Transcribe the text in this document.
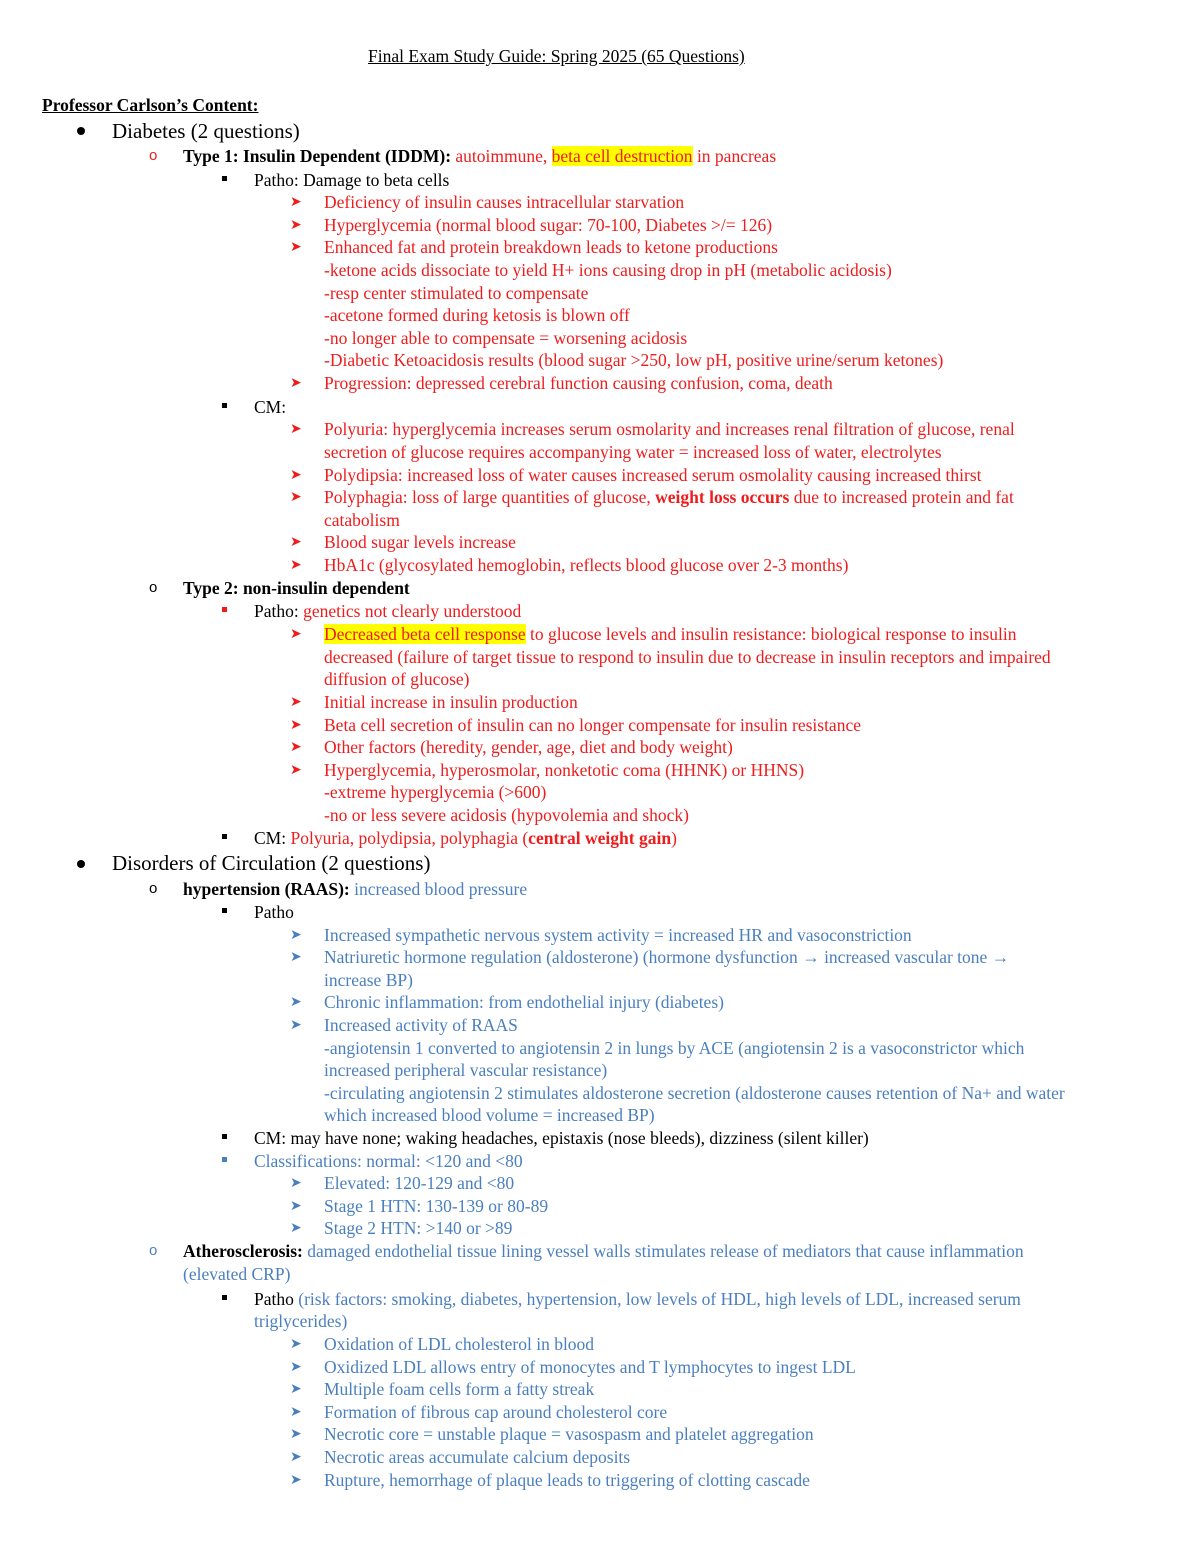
Final Exam Study Guide: Spring 2025 (65 Questions)
Professor Carlson’s Content:
Diabetes (2 questions)
o Type 1: Insulin Dependent (IDDM): autoimmune, beta cell destruction in pancreas
Patho: Damage to beta cells
➤ Deficiency of insulin causes intracellular starvation
➤ Hyperglycemia (normal blood sugar: 70-100, Diabetes >/= 126)
➤ Enhanced fat and protein breakdown leads to ketone productions
-ketone acids dissociate to yield H+ ions causing drop in pH (metabolic acidosis)
-resp center stimulated to compensate
-acetone formed during ketosis is blown off
-no longer able to compensate = worsening acidosis
-Diabetic Ketoacidosis results (blood sugar >250, low pH, positive urine/serum ketones)
➤ Progression: depressed cerebral function causing confusion, coma, death
CM:
➤ Polyuria: hyperglycemia increases serum osmolarity and increases renal filtration of glucose, renal
secretion of glucose requires accompanying water = increased loss of water, electrolytes
➤ Polydipsia: increased loss of water causes increased serum osmolality causing increased thirst
➤ Polyphagia: loss of large quantities of glucose, weight loss occurs due to increased protein and fat
catabolism
➤ Blood sugar levels increase
➤ HbA1c (glycosylated hemoglobin, reflects blood glucose over 2-3 months)
o Type 2: non-insulin dependent
Patho: genetics not clearly understood
➤ Decreased beta cell response to glucose levels and insulin resistance: biological response to insulin
decreased (failure of target tissue to respond to insulin due to decrease in insulin receptors and impaired
diffusion of glucose)
➤ Initial increase in insulin production
➤ Beta cell secretion of insulin can no longer compensate for insulin resistance
➤ Other factors (heredity, gender, age, diet and body weight)
➤ Hyperglycemia, hyperosmolar, nonketotic coma (HHNK) or HHNS)
-extreme hyperglycemia (>600)
-no or less severe acidosis (hypovolemia and shock)
CM: Polyuria, polydipsia, polyphagia (central weight gain)
Disorders of Circulation (2 questions)
o hypertension (RAAS): increased blood pressure
Patho
➤ Increased sympathetic nervous system activity = increased HR and vasoconstriction
➤ Natriuretic hormone regulation (aldosterone) (hormone dysfunction → increased vascular tone →
increase BP)
➤ Chronic inflammation: from endothelial injury (diabetes)
➤ Increased activity of RAAS
-angiotensin 1 converted to angiotensin 2 in lungs by ACE (angiotensin 2 is a vasoconstrictor which
increased peripheral vascular resistance)
-circulating angiotensin 2 stimulates aldosterone secretion (aldosterone causes retention of Na+ and water
which increased blood volume = increased BP)
CM: may have none; waking headaches, epistaxis (nose bleeds), dizziness (silent killer)
Classifications: normal: <120 and <80
➤ Elevated: 120-129 and <80
➤ Stage 1 HTN: 130-139 or 80-89
➤ Stage 2 HTN: >140 or >89
o Atherosclerosis: damaged endothelial tissue lining vessel walls stimulates release of mediators that cause inflammation
(elevated CRP)
Patho (risk factors: smoking, diabetes, hypertension, low levels of HDL, high levels of LDL, increased serum
triglycerides)
➤ Oxidation of LDL cholesterol in blood
➤ Oxidized LDL allows entry of monocytes and T lymphocytes to ingest LDL
➤ Multiple foam cells form a fatty streak
➤ Formation of fibrous cap around cholesterol core
➤ Necrotic core = unstable plaque = vasospasm and platelet aggregation
➤ Necrotic areas accumulate calcium deposits
➤ Rupture, hemorrhage of plaque leads to triggering of clotting cascade
